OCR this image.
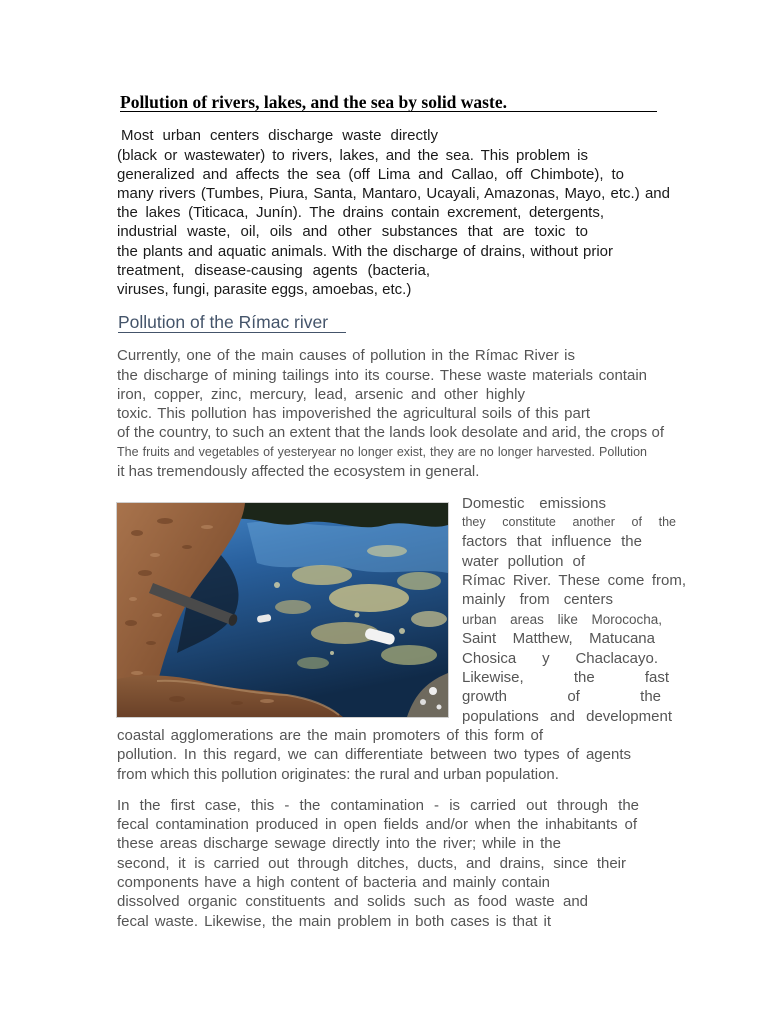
Pollution of rivers, lakes, and the sea by solid waste.
Most urban centers discharge waste directly
(black or wastewater) to rivers, lakes, and the sea. This problem is
generalized and affects the sea (off Lima and Callao, off Chimbote), to
many rivers (Tumbes, Piura, Santa, Mantaro, Ucayali, Amazonas, Mayo, etc.) and
the lakes (Titicaca, Junín). The drains contain excrement, detergents,
industrial waste, oil, oils and other substances that are toxic to
the plants and aquatic animals. With the discharge of drains, without prior
treatment, disease-causing agents (bacteria,
viruses, fungi, parasite eggs, amoebas, etc.)
Pollution of the Rímac river
Currently, one of the main causes of pollution in the Rímac River is
the discharge of mining tailings into its course. These waste materials contain
iron, copper, zinc, mercury, lead, arsenic and other highly
toxic. This pollution has impoverished the agricultural soils of this part
of the country, to such an extent that the lands look desolate and arid, the crops of
The fruits and vegetables of yesteryear no longer exist, they are no longer harvested. Pollution
it has tremendously affected the ecosystem in general.
Domestic emissions
they constitute another of the
factors that influence the
water pollution of
Rímac River. These come from,
mainly from centers
urban areas like Morococha,
Saint Matthew, Matucana
Chosica y Chaclacayo.
Likewise, the fast
growth of the
populations and development
coastal agglomerations are the main promoters of this form of
pollution. In this regard, we can differentiate between two types of agents
from which this pollution originates: the rural and urban population.
In the first case, this - the contamination - is carried out through the
fecal contamination produced in open fields and/or when the inhabitants of
these areas discharge sewage directly into the river; while in the
second, it is carried out through ditches, ducts, and drains, since their
components have a high content of bacteria and mainly contain
dissolved organic constituents and solids such as food waste and
fecal waste. Likewise, the main problem in both cases is that it
